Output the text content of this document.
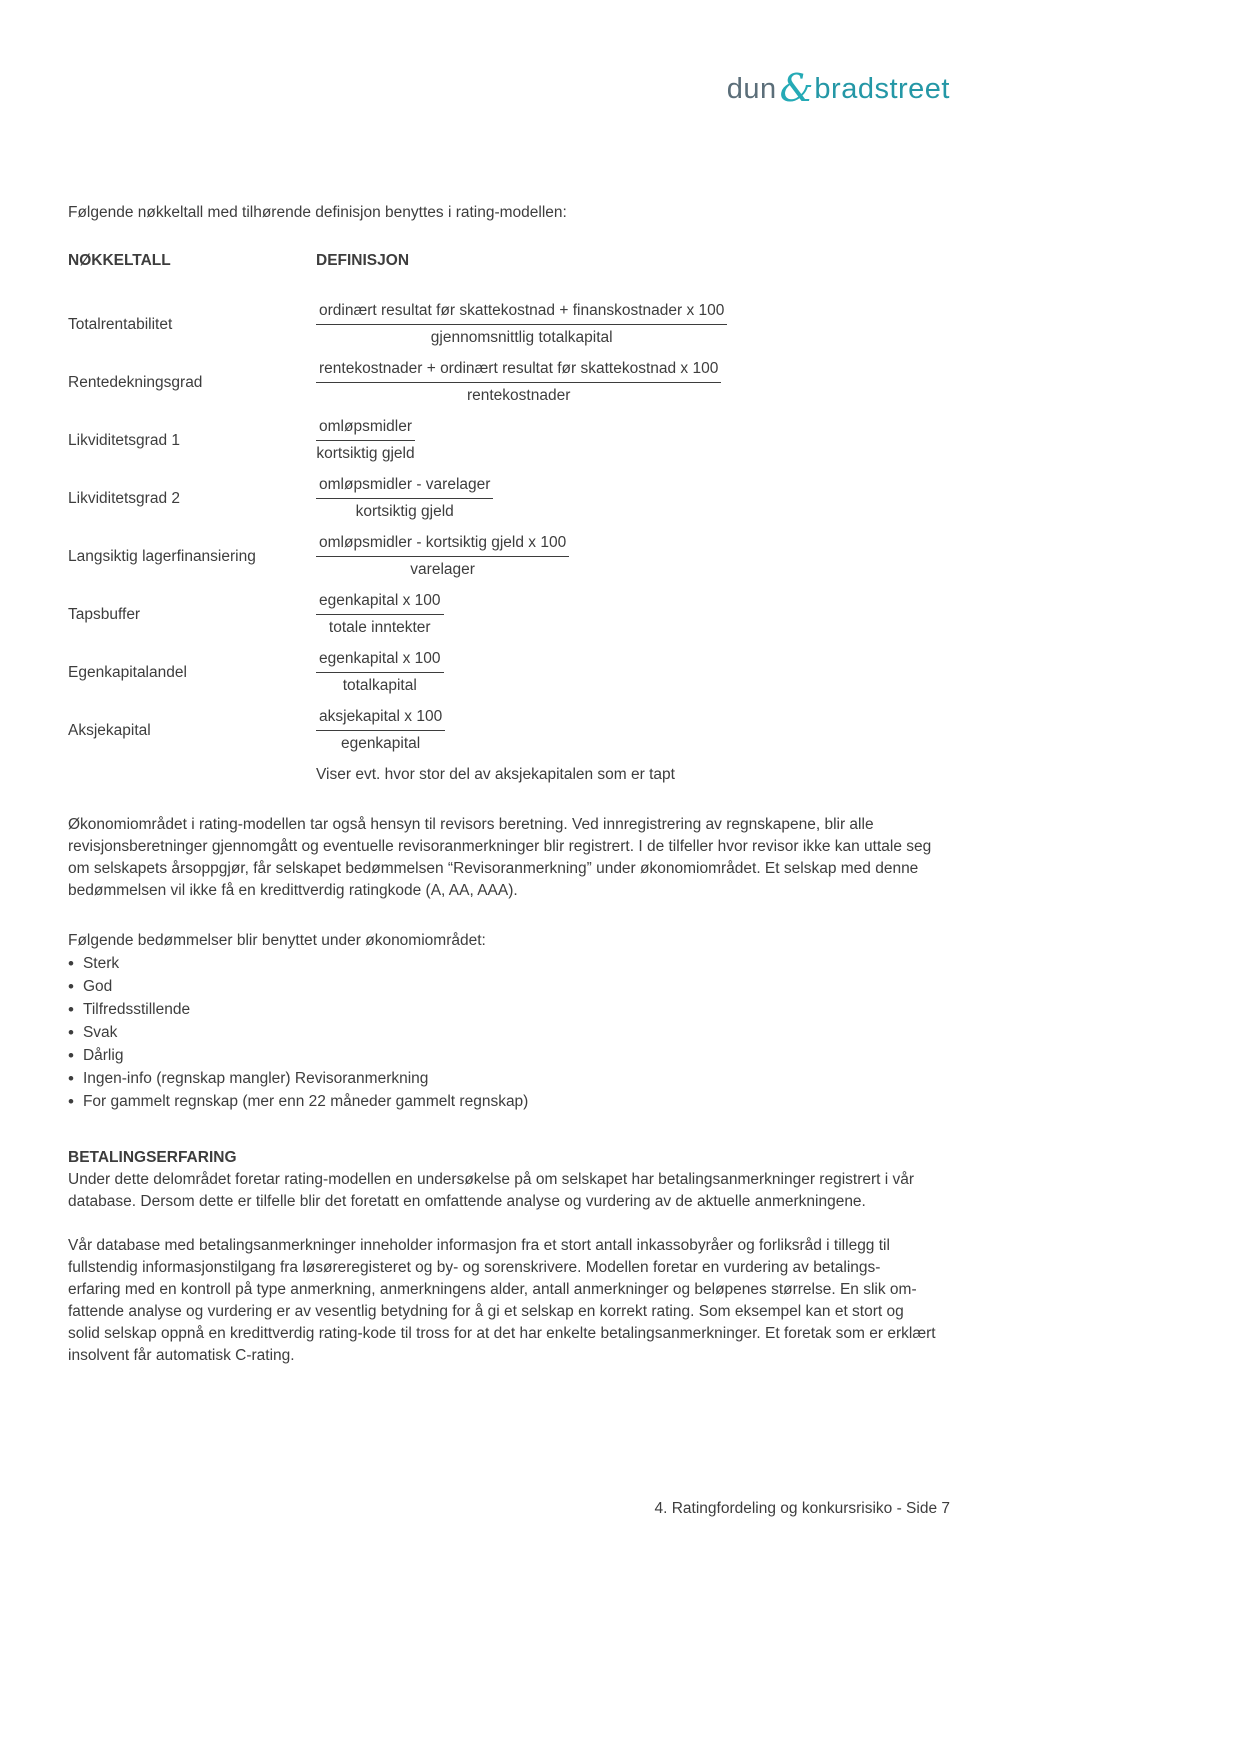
dun&bradstreet

Følgende nøkkeltall med tilhørende definisjon benyttes i rating-modellen:

NØKKELTALL	DEFINISJON
Totalrentabilitet	$\frac{\text{ordinært resultat før skattekostnad + finanskostnader x 100}}{\text{gjennomsnittlig totalkapital}}$
Rentedekningsgrad	$\frac{\text{rentekostnader + ordinært resultat før skattekostnad x 100}}{\text{rentekostnader}}$
Likviditetsgrad 1	$\frac{\text{omløpsmidler}}{\text{kortsiktig gjeld}}$
Likviditetsgrad 2	$\frac{\text{omløpsmidler - varelager}}{\text{kortsiktig gjeld}}$
Langsiktig lagerfinansiering	$\frac{\text{omløpsmidler - kortsiktig gjeld x 100}}{\text{varelager}}$
Tapsbuffer	$\frac{\text{egenkapital x 100}}{\text{totale inntekter}}$
Egenkapitalandel	$\frac{\text{egenkapital x 100}}{\text{totalkapital}}$
Aksjekapital	$\frac{\text{aksjekapital x 100}}{\text{egenkapital}}$

Viser evt. hvor stor del av aksjekapitalen som er tapt

Økonomiområdet i rating-modellen tar også hensyn til revisors beretning. Ved innregistrering av regnskapene, blir alle revisjonsberetninger gjennomgått og eventuelle revisoranmerkninger blir registrert. I de tilfeller hvor revisor ikke kan uttale seg om selskapets årsoppgjør, får selskapet bedømmelsen “Revisoranmerkning” under økonomiområdet. Et selskap med denne bedømmelsen vil ikke få en kredittverdig ratingkode (A, AA, AAA).

Følgende bedømmelser blir benyttet under økonomiområdet:

• Sterk
• God
• Tilfredsstillende
• Svak
• Dårlig
• Ingen-info (regnskap mangler) Revisoranmerkning
• For gammelt regnskap (mer enn 22 måneder gammelt regnskap)
BETALINGSERFARING

Under dette delområdet foretar rating-modellen en undersøkelse på om selskapet har betalingsanmerkninger registrert i vår database. Dersom dette er tilfelle blir det foretatt en omfattende analyse og vurdering av de aktuelle anmerkningene.

Vår database med betalingsanmerkninger inneholder informasjon fra et stort antall inkassobyråer og forliksråd i tillegg til fullstendig informasjonstilgang fra løsøreregisteret og by- og sorenskrivere. Modellen foretar en vurdering av betalings- erfaring med en kontroll på type anmerkning, anmerkningens alder, antall anmerkninger og beløpenes størrelse. En slik om- fattende analyse og vurdering er av vesentlig betydning for å gi et selskap en korrekt rating. Som eksempel kan et stort og solid selskap oppnå en kredittverdig rating-kode til tross for at det har enkelte betalingsanmerkninger. Et foretak som er erklært insolvent får automatisk C-rating.

4. Ratingfordeling og konkursrisiko - Side 7
